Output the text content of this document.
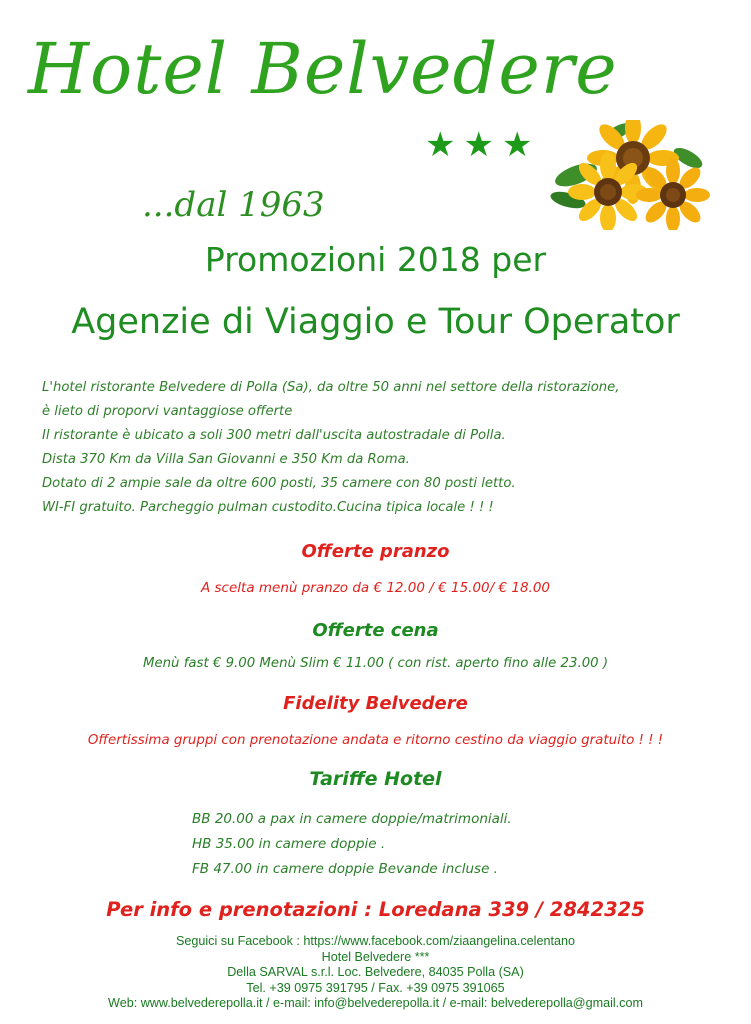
Hotel Belvedere
★★★
...dal 1963
Promozioni 2018 per
Agenzie di Viaggio e Tour Operator
L'hotel ristorante Belvedere di Polla (Sa), da oltre 50 anni nel settore della ristorazione,
è lieto di proporvi vantaggiose offerte
Il ristorante è ubicato a soli 300 metri dall'uscita autostradale di Polla.
Dista 370 Km da Villa San Giovanni e 350 Km da Roma.
Dotato di 2 ampie sale da oltre 600 posti, 35 camere con 80 posti letto.
WI-FI gratuito. Parcheggio pulman custodito.Cucina tipica locale ! ! !
Offerte pranzo
A scelta menù pranzo da € 12.00 / € 15.00/ € 18.00
Offerte cena
Menù fast € 9.00 Menù Slim € 11.00 ( con rist. aperto fino alle 23.00 )
Fidelity Belvedere
Offertissima gruppi con prenotazione andata e ritorno cestino da viaggio gratuito ! ! !
Tariffe Hotel
BB 20.00 a pax in camere doppie/matrimoniali.
HB 35.00 in camere doppie .
FB 47.00 in camere doppie Bevande incluse .
Per info e prenotazioni : Loredana 339 / 2842325
Seguici su Facebook : https://www.facebook.com/ziaangelina.celentano
Hotel Belvedere ***
Della SARVAL s.r.l. Loc. Belvedere, 84035 Polla (SA)
Tel. +39 0975 391795 / Fax. +39 0975 391065
Web: www.belvederepolla.it / e-mail: info@belvederepolla.it / e-mail: belvederepolla@gmail.com
